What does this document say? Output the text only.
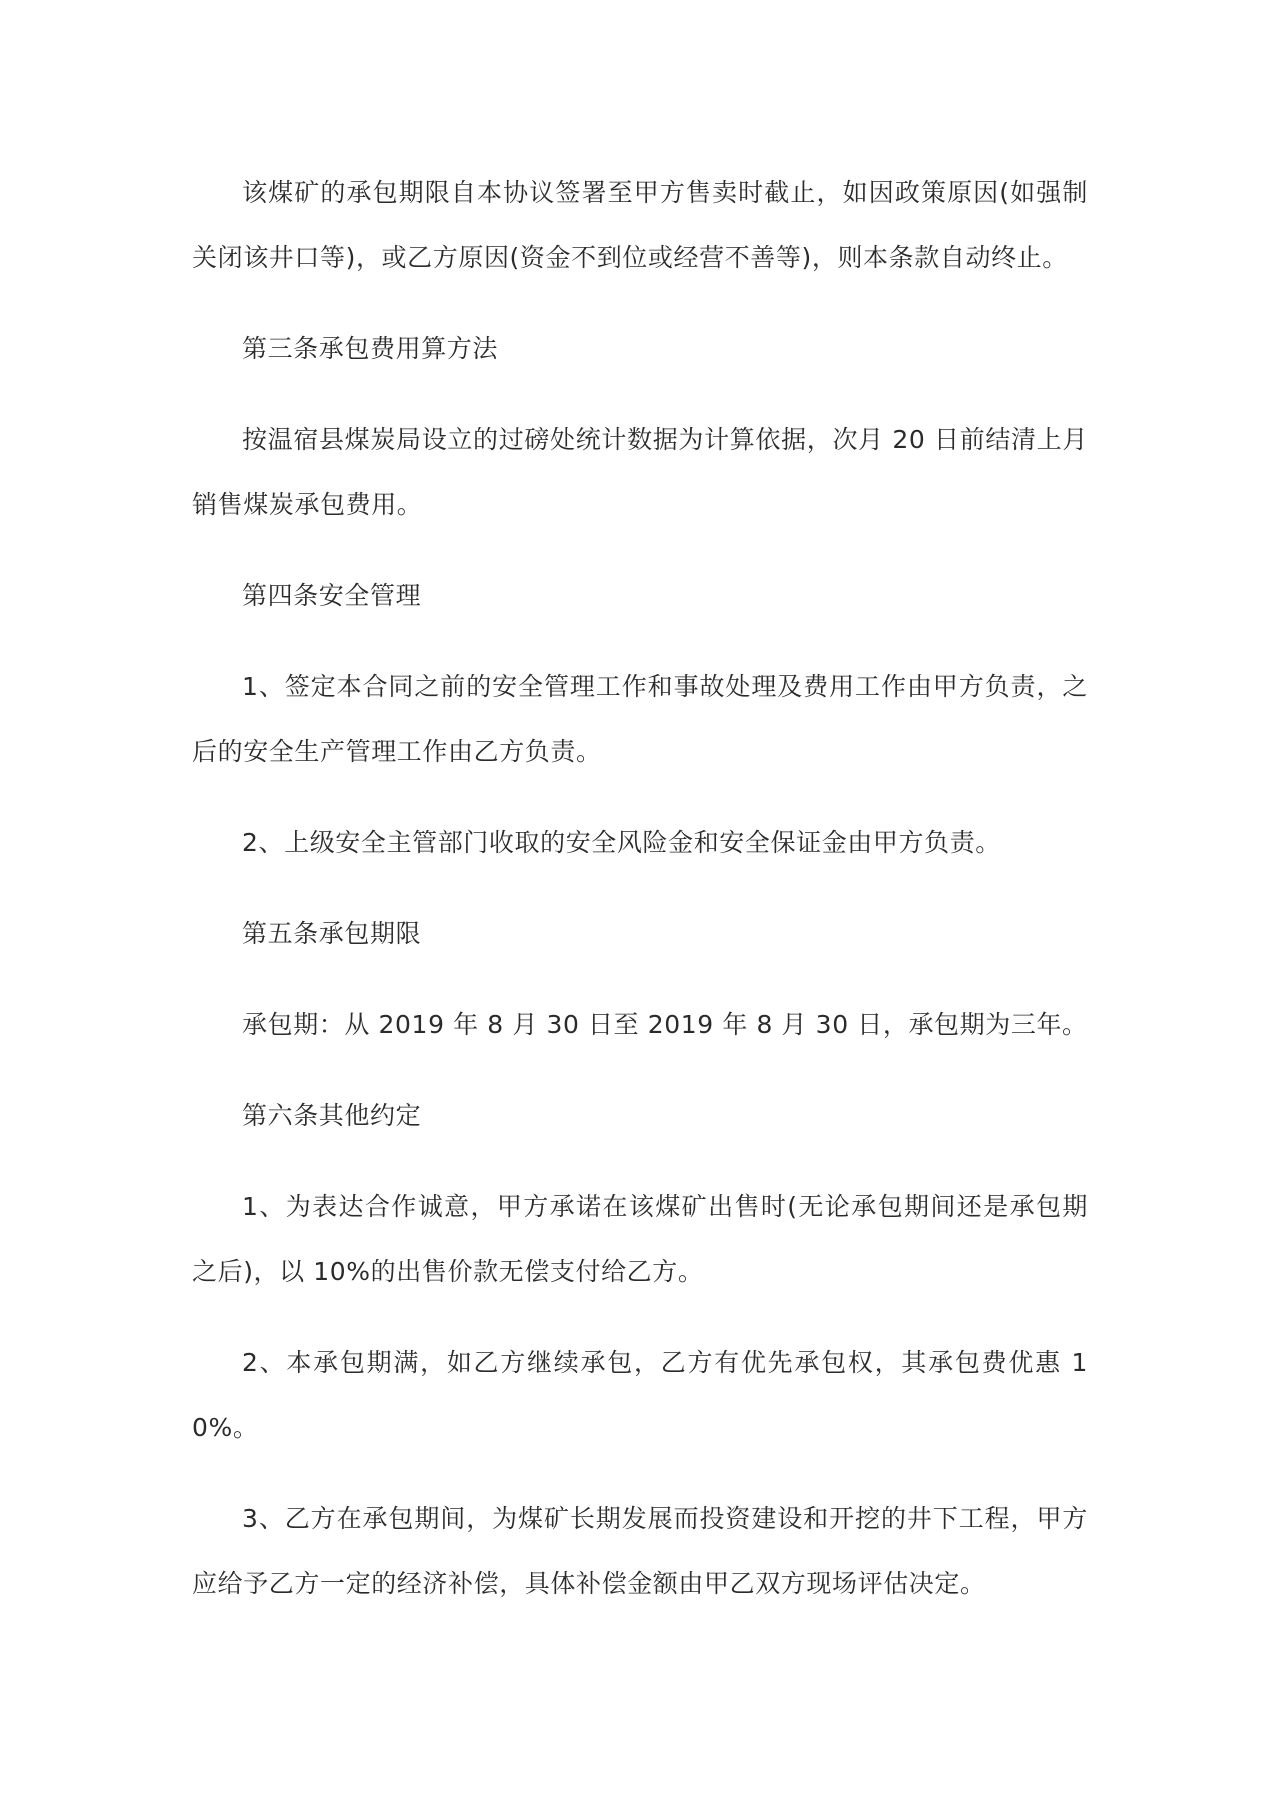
该煤矿的承包期限自本协议签署至甲方售卖时截止，如因政策原因(如强制关闭该井口等)，或乙方原因(资金不到位或经营不善等)，则本条款自动终止。

第三条承包费用算方法

按温宿县煤炭局设立的过磅处统计数据为计算依据，次月 20 日前结清上月销售煤炭承包费用。

第四条安全管理

1、签定本合同之前的安全管理工作和事故处理及费用工作由甲方负责，之后的安全生产管理工作由乙方负责。

2、上级安全主管部门收取的安全风险金和安全保证金由甲方负责。

第五条承包期限

承包期：从 2019 年 8 月 30 日至 2019 年 8 月 30 日，承包期为三年。

第六条其他约定

1、为表达合作诚意，甲方承诺在该煤矿出售时(无论承包期间还是承包期之后)，以 10%的出售价款无偿支付给乙方。

2、本承包期满，如乙方继续承包，乙方有优先承包权，其承包费优惠 10%。

3、乙方在承包期间，为煤矿长期发展而投资建设和开挖的井下工程，甲方应给予乙方一定的经济补偿，具体补偿金额由甲乙双方现场评估决定。
